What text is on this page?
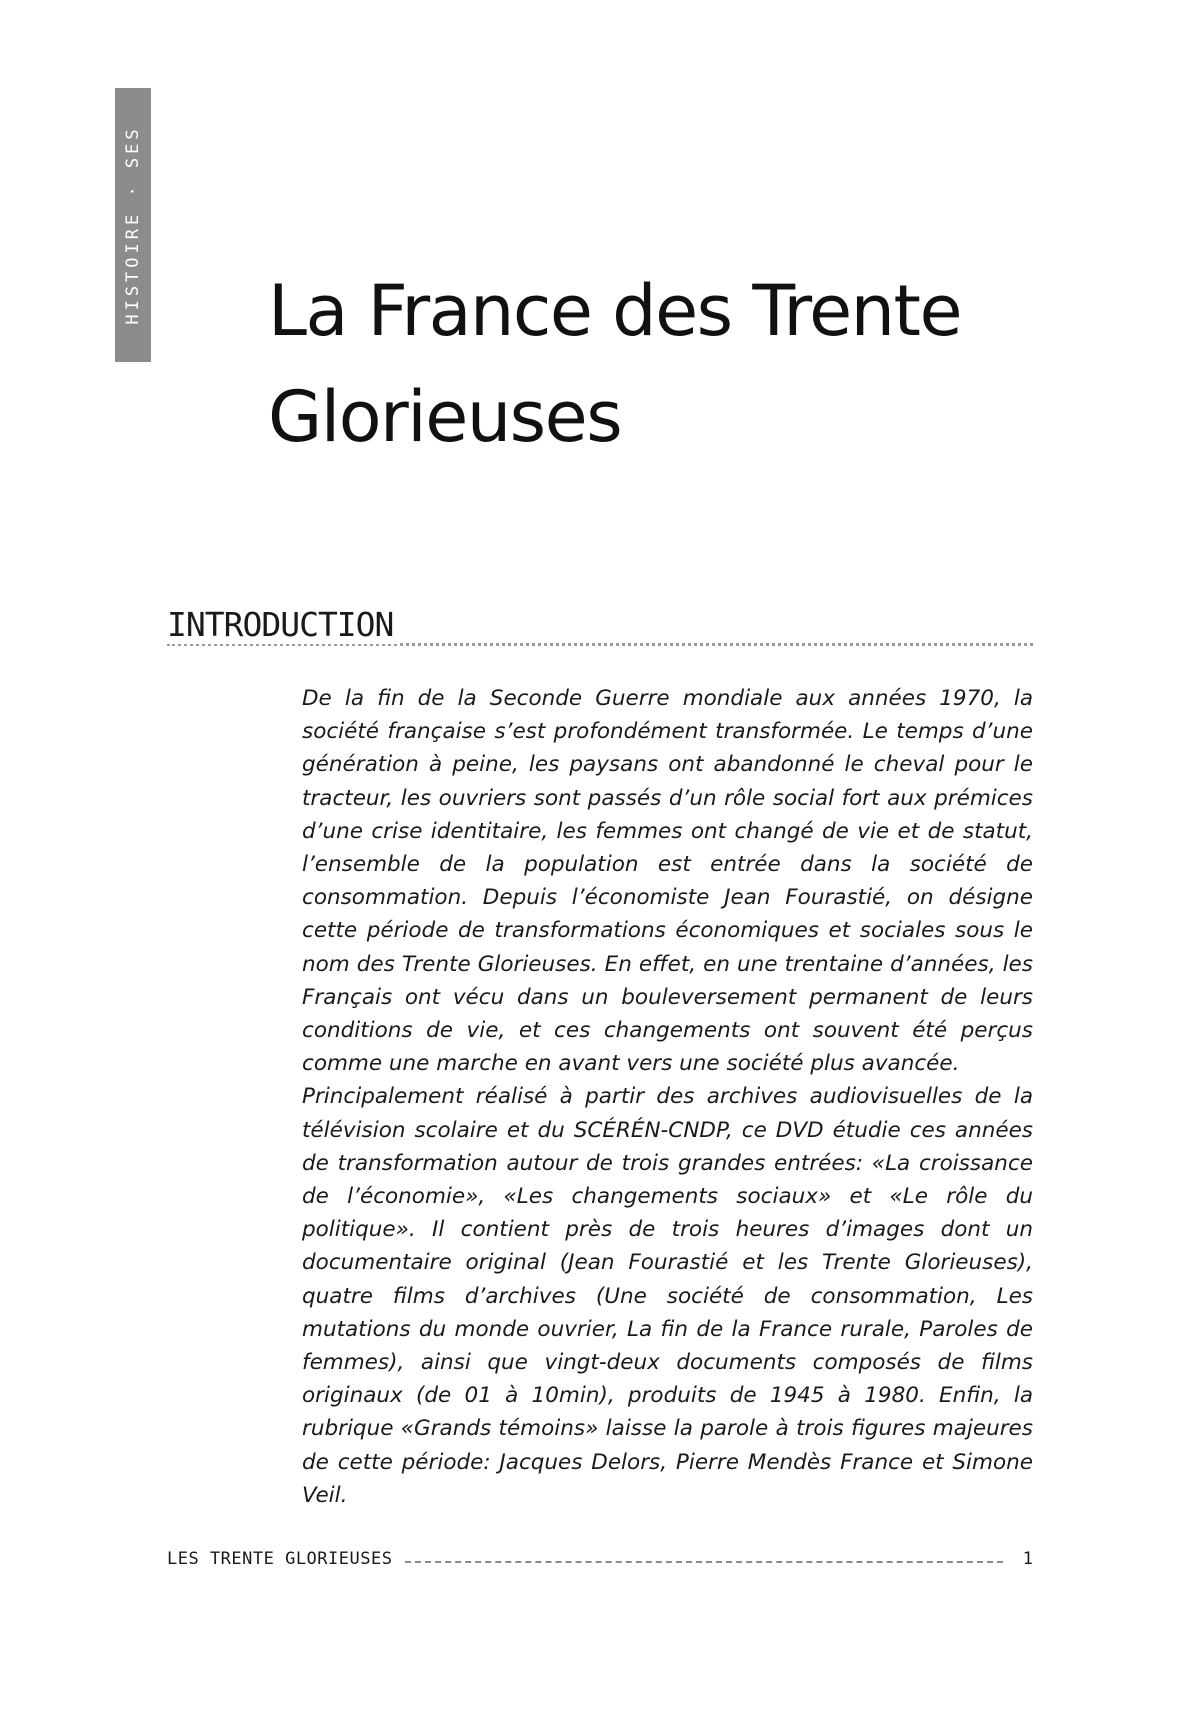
HISTOIRE · SES La France des Trente Glorieuses
INTRODUCTION

De la fin de la Seconde Guerre mondiale aux années 1970, la société française s’est profondément transformée. Le temps d’une génération à peine, les paysans ont abandonné le cheval pour le tracteur, les ouvriers sont passés d’un rôle social fort aux prémices d’une crise identitaire, les femmes ont changé de vie et de statut, l’ensemble de la population est entrée dans la société de consommation. Depuis l’économiste Jean Fourastié, on désigne cette période de transformations économiques et sociales sous le nom des Trente Glorieuses. En effet, en une trentaine d’années, les Français ont vécu dans un bouleversement permanent de leurs conditions de vie, et ces changements ont souvent été perçus comme une marche en avant vers une société plus avancée.

Principalement réalisé à partir des archives audiovisuelles de la télévision scolaire et du SCÉRÉN-CNDP, ce DVD étudie ces années de transformation autour de trois grandes entrées: «La croissance de l’économie», «Les changements sociaux» et «Le rôle du politique». Il contient près de trois heures d’images dont un documentaire original (Jean Fourastié et les Trente Glorieuses), quatre films d’archives (Une société de consommation, Les mutations du monde ouvrier, La fin de la France rurale, Paroles de femmes), ainsi que vingt-deux documents composés de films originaux (de 01 à 10min), produits de 1945 à 1980. Enfin, la rubrique «Grands témoins» laisse la parole à trois figures majeures de cette période: Jacques Delors, Pierre Mendès France et Simone Veil.

LES TRENTE GLORIEUSES	1
